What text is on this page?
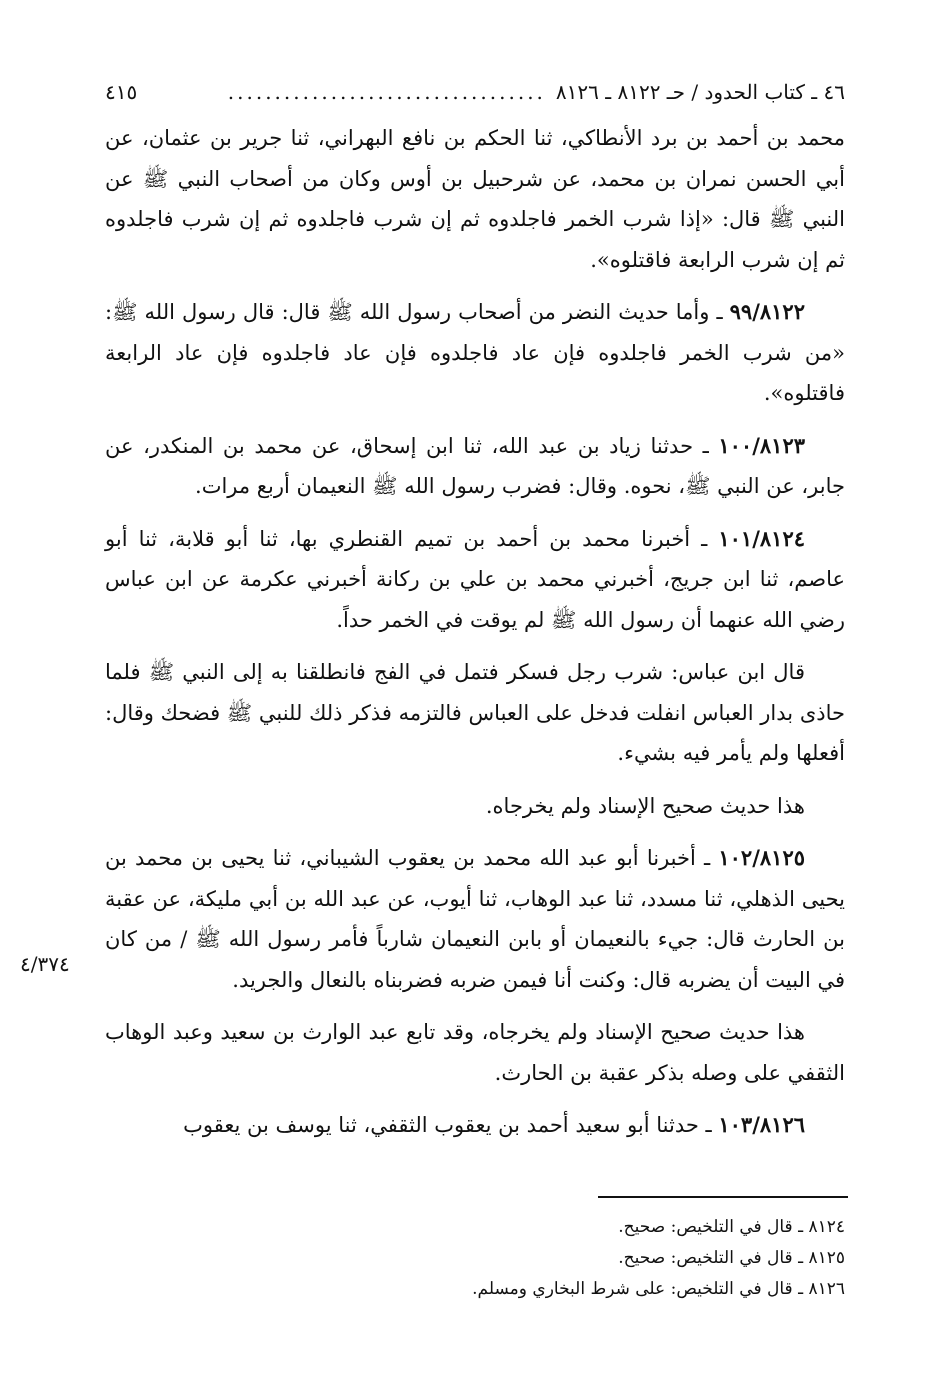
٤٦ ـ كتاب الحدود / حـ ٨١٢٢ ـ ٨١٢٦
..................................
٤١٥

محمد بن أحمد بن برد الأنطاكي، ثنا الحكم بن نافع البهراني، ثنا جرير بن عثمان، عن أبي الحسن نمران بن محمد، عن شرحبيل بن أوس وكان من أصحاب النبي ﷺ عن النبي ﷺ قال: «إذا شرب الخمر فاجلدوه ثم إن شرب فاجلدوه ثم إن شرب فاجلدوه ثم إن شرب الرابعة فاقتلوه».

٩٩/٨١٢٢ ـ وأما حديث النضر من أصحاب رسول الله ﷺ قال: قال رسول الله ﷺ: «من شرب الخمر فاجلدوه فإن عاد فاجلدوه فإن عاد فاجلدوه فإن عاد الرابعة فاقتلوه».

١٠٠/٨١٢٣ ـ حدثنا زياد بن عبد الله، ثنا ابن إسحاق، عن محمد بن المنكدر، عن جابر، عن النبي ﷺ، نحوه. وقال: فضرب رسول الله ﷺ النعيمان أربع مرات.

١٠١/٨١٢٤ ـ أخبرنا محمد بن أحمد بن تميم القنطري بها، ثنا أبو قلابة، ثنا أبو عاصم، ثنا ابن جريج، أخبرني محمد بن علي بن ركانة أخبرني عكرمة عن ابن عباس رضي الله عنهما أن رسول الله ﷺ لم يوقت في الخمر حداً.

قال ابن عباس: شرب رجل فسكر فتمل في الفج فانطلقنا به إلى النبي ﷺ فلما حاذى بدار العباس انفلت فدخل على العباس فالتزمه فذكر ذلك للنبي ﷺ فضحك وقال: أفعلها ولم يأمر فيه بشيء.

هذا حديث صحيح الإسناد ولم يخرجاه.

١٠٢/٨١٢٥ ـ أخبرنا أبو عبد الله محمد بن يعقوب الشيباني، ثنا يحيى بن محمد بن يحيى الذهلي، ثنا مسدد، ثنا عبد الوهاب، ثنا أيوب، عن عبد الله بن أبي مليكة، عن عقبة بن الحارث قال: جيء بالنعيمان أو بابن النعيمان شارباً فأمر رسول الله ﷺ / من كان في البيت أن يضربه قال: وكنت أنا فيمن ضربه فضربناه بالنعال والجريد.

هذا حديث صحيح الإسناد ولم يخرجاه، وقد تابع عبد الوارث بن سعيد وعبد الوهاب الثقفي على وصله بذكر عقبة بن الحارث.

١٠٣/٨١٢٦ ـ حدثنا أبو سعيد أحمد بن يعقوب الثقفي، ثنا يوسف بن يعقوب

٤/٣٧٤

٨١٢٤ ـ قال في التلخيص: صحيح.

٨١٢٥ ـ قال في التلخيص: صحيح.

٨١٢٦ ـ قال في التلخيص: على شرط البخاري ومسلم.
